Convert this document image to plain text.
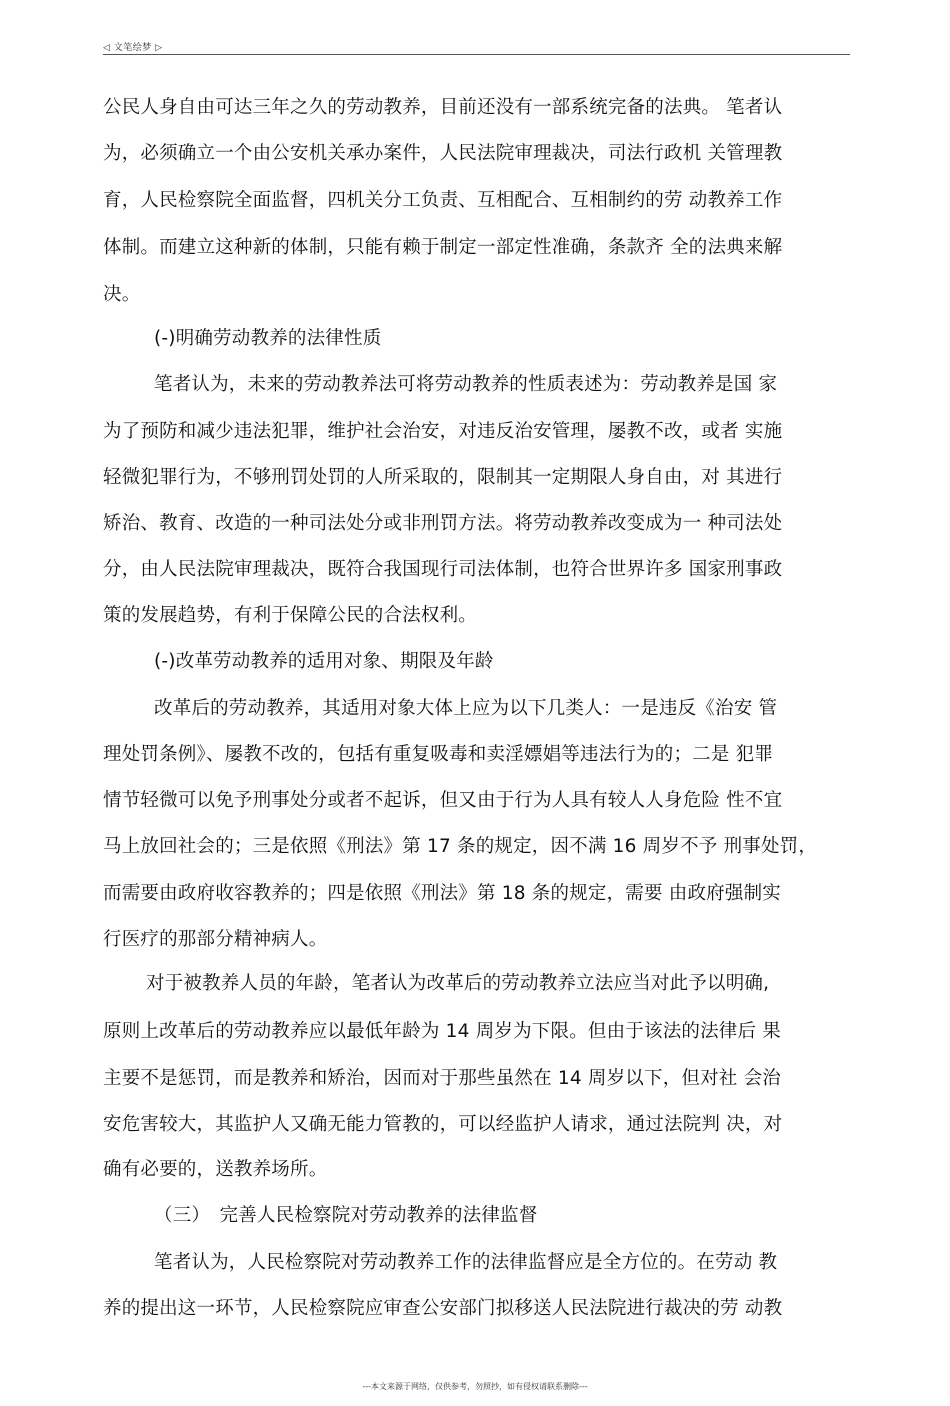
◁ 文笔绘梦 ▷
公民人身自由可达三年之久的劳动教养，目前还没有一部系统完备的法典。 笔者认
为，必须确立一个由公安机关承办案件，人民法院审理裁决，司法行政机 关管理教
育，人民检察院全面监督，四机关分工负责、互相配合、互相制约的劳 动教养工作
体制。而建立这种新的体制，只能有赖于制定一部定性准确，条款齐 全的法典来解
决。
(-)明确劳动教养的法律性质
笔者认为，未来的劳动教养法可将劳动教养的性质表述为：劳动教养是国 家
为了预防和减少违法犯罪，维护社会治安，对违反治安管理，屡教不改，或者 实施
轻微犯罪行为，不够刑罚处罚的人所采取的，限制其一定期限人身自由，对 其进行
矫治、教育、改造的一种司法处分或非刑罚方法。将劳动教养改变成为一 种司法处
分，由人民法院审理裁决，既符合我国现行司法体制，也符合世界许多 国家刑事政
策的发展趋势，有利于保障公民的合法权利。
(-)改革劳动教养的适用对象、期限及年龄
改革后的劳动教养，其适用对象大体上应为以下几类人：一是违反《治安 管
理处罚条例》、屡教不改的，包括有重复吸毒和卖淫嫖娼等违法行为的；二是 犯罪
情节轻微可以免予刑事处分或者不起诉，但又由于行为人具有较人人身危险 性不宜
马上放回社会的；三是依照《刑法》第 17 条的规定，因不满 16 周岁不予 刑事处罚，
而需要由政府收容教养的；四是依照《刑法》第 18 条的规定，需要 由政府强制实
行医疗的那部分精神病人。
对于被教养人员的年龄，笔者认为改革后的劳动教养立法应当对此予以明确,
原则上改革后的劳动教养应以最低年龄为 14 周岁为下限。但由于该法的法律后 果
主要不是惩罚，而是教养和矫治，因而对于那些虽然在 14 周岁以下，但对社 会治
安危害较大，其监护人又确无能力管教的，可以经监护人请求，通过法院判 决，对
确有必要的，送教养场所。
（三）　完善人民检察院对劳动教养的法律监督
笔者认为，人民检察院对劳动教养工作的法律监督应是全方位的。在劳动 教
养的提出这一环节，人民检察院应审查公安部门拟移送人民法院进行裁决的劳 动教
---本文来源于网络，仅供参考，勿照抄，如有侵权请联系删除---
